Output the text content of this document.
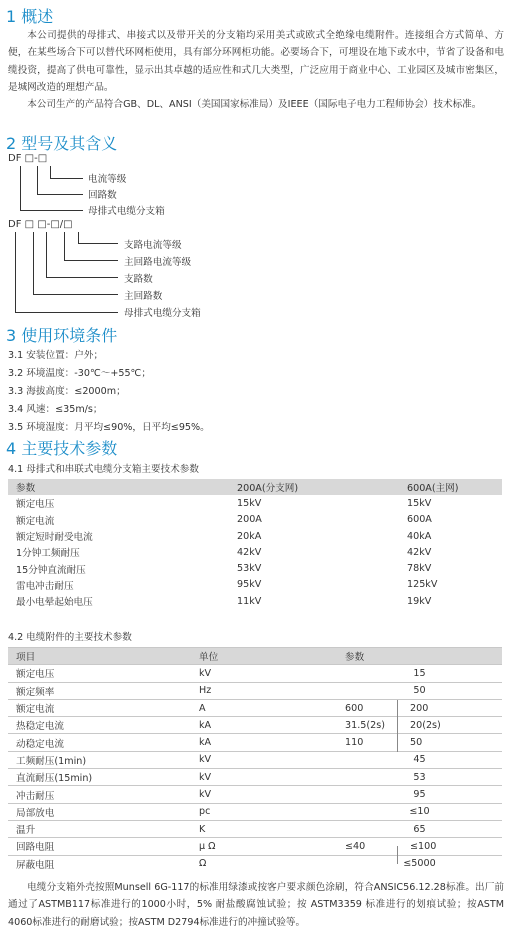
1 概述

本公司提供的母排式、串接式以及带开关的分支箱均采用美式或欧式全绝缘电缆附件。连接组合方式简单、方便，在某些场合下可以替代环网柜使用，具有部分环网柜功能。必要场合下，可埋设在地下或水中，节省了设备和电缆投资，提高了供电可靠性，显示出其卓越的适应性和式几大类型，广泛应用于商业中心、工业园区及城市密集区，是城网改造的理想产品。

本公司生产的产品符合GB、DL、ANSI（美国国家标准局）及IEEE（国际电子电力工程师协会）技术标准。

2 型号及其含义
DF □-□
电流等级
回路数
母排式电缆分支箱
DF □ □-□/□
支路电流等级
主回路电流等级
支路数
主回路数
母排式电缆分支箱
3 使用环境条件
3.1 安装位置：户外；
3.2 环境温度：-30℃～+55℃；
3.3 海拔高度：≤2000m；
3.4 风速：≤35m/s；
3.5 环境湿度：月平均≤90%，日平均≤95%。
4 主要技术参数
4.1 母排式和串联式电缆分支箱主要技术参数
参数	200A(分支网)	600A(主网)
额定电压	15kV	15kV
额定电流	200A	600A
额定短时耐受电流	20kA	40kA
1分钟工频耐压	42kV	42kV
15分钟直流耐压	53kV	78kV
雷电冲击耐压	95kV	125kV
最小电晕起始电压	11kV	19kV
4.2 电缆附件的主要技术参数
项目	单位	参数	
额定电压	kV	15	
额定频率	Hz	50	
额定电流	A	600	200
热稳定电流	kA	31.5(2s)	20(2s)
动稳定电流	kA	110	50
工频耐压(1min)	kV	45	
直流耐压(15min)	kV	53	
冲击耐压	kV	95	
局部放电	pc	≤10	
温升	K	65	
回路电阻	μ Ω	≤40	≤100
屏蔽电阻	Ω	≤5000	

电缆分支箱外壳按照Munsell 6G-117的标准用绿漆或按客户要求颜色涂刷，符合ANSIC56.12.28标准。出厂前通过了ASTMB117标准进行的1000小时，5% 耐盐酸腐蚀试验；按 ASTM3359 标准进行的划痕试验；按ASTM 4060标准进行的耐磨试验；按ASTM D2794标准进行的冲撞试验等。
